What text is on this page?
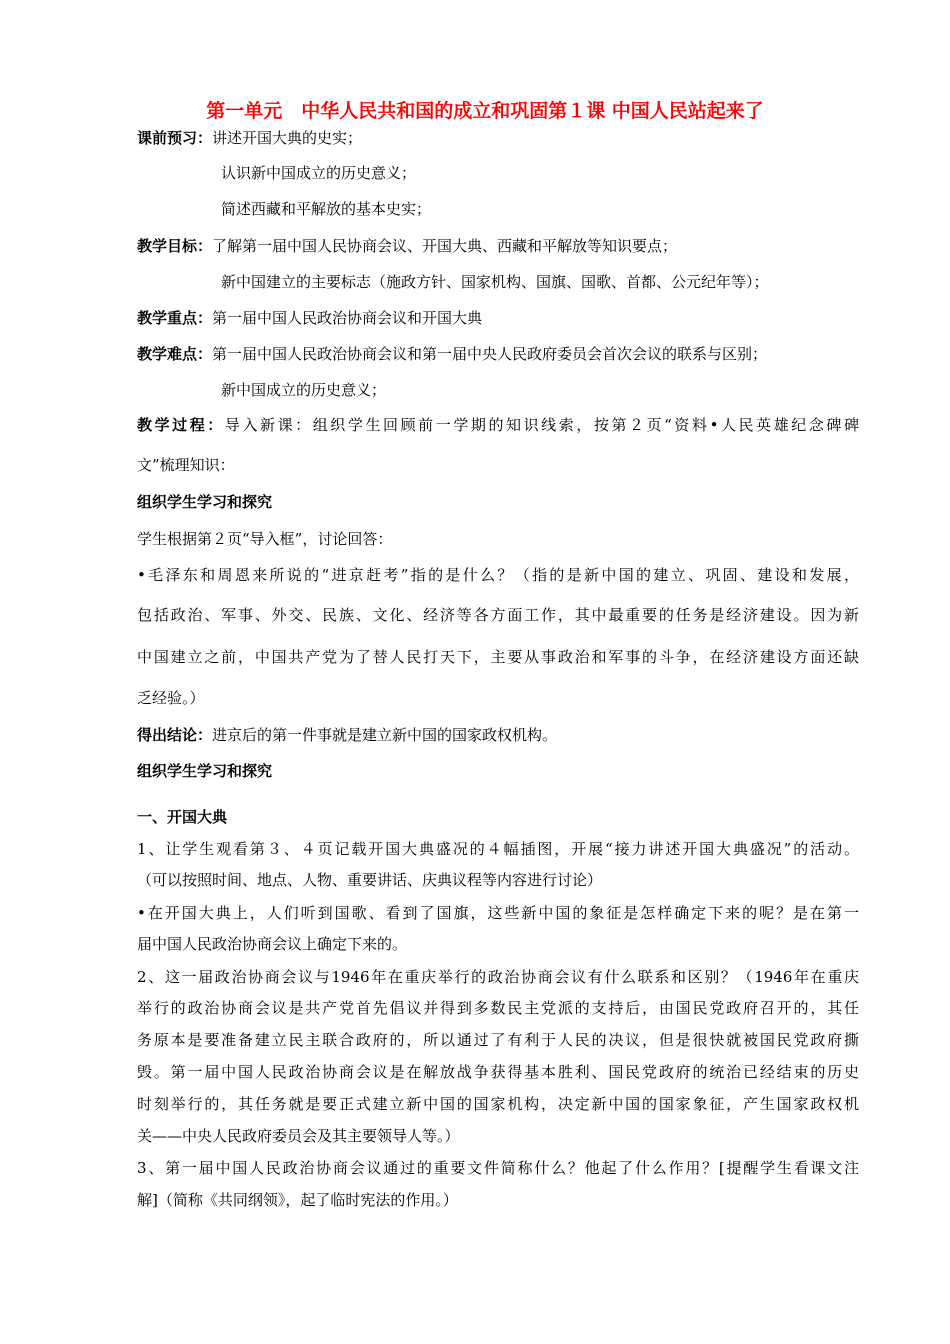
第一单元　中华人民共和国的成立和巩固第１课 中国人民站起来了
课前预习：讲述开国大典的史实；
认识新中国成立的历史意义；
简述西藏和平解放的基本史实；
教学目标：了解第一届中国人民协商会议、开国大典、西藏和平解放等知识要点；
新中国建立的主要标志（施政方针、国家机构、国旗、国歌、首都、公元纪年等）；
教学重点：第一届中国人民政治协商会议和开国大典
教学难点：第一届中国人民政治协商会议和第一届中央人民政府委员会首次会议的联系与区别；
新中国成立的历史意义；
教学过程：导入新课：组织学生回顾前一学期的知识线索，按第２页“资料•人民英雄纪念碑碑
文”梳理知识：
组织学生学习和探究
学生根据第２页“导入框”，讨论回答：
•毛泽东和周恩来所说的“进京赶考”指的是什么？（指的是新中国的建立、巩固、建设和发展，
包括政治、军事、外交、民族、文化、经济等各方面工作，其中最重要的任务是经济建设。因为新
中国建立之前，中国共产党为了替人民打天下，主要从事政治和军事的斗争，在经济建设方面还缺
乏经验。）
得出结论：进京后的第一件事就是建立新中国的国家政权机构。
组织学生学习和探究
一、开国大典
1、让学生观看第３、４页记载开国大典盛况的４幅插图，开展“接力讲述开国大典盛况”的活动。
（可以按照时间、地点、人物、重要讲话、庆典议程等内容进行讨论）
•在开国大典上，人们听到国歌、看到了国旗，这些新中国的象征是怎样确定下来的呢？是在第一
届中国人民政治协商会议上确定下来的。
2、这一届政治协商会议与1946年在重庆举行的政治协商会议有什么联系和区别？（1946年在重庆
举行的政治协商会议是共产党首先倡议并得到多数民主党派的支持后，由国民党政府召开的，其任
务原本是要准备建立民主联合政府的，所以通过了有利于人民的决议，但是很快就被国民党政府撕
毁。第一届中国人民政治协商会议是在解放战争获得基本胜利、国民党政府的统治已经结束的历史
时刻举行的，其任务就是要正式建立新中国的国家机构，决定新中国的国家象征，产生国家政权机
关——中央人民政府委员会及其主要领导人等。）
3、第一届中国人民政治协商会议通过的重要文件简称什么？他起了什么作用？[提醒学生看课文注
解]（简称《共同纲领》，起了临时宪法的作用。）
